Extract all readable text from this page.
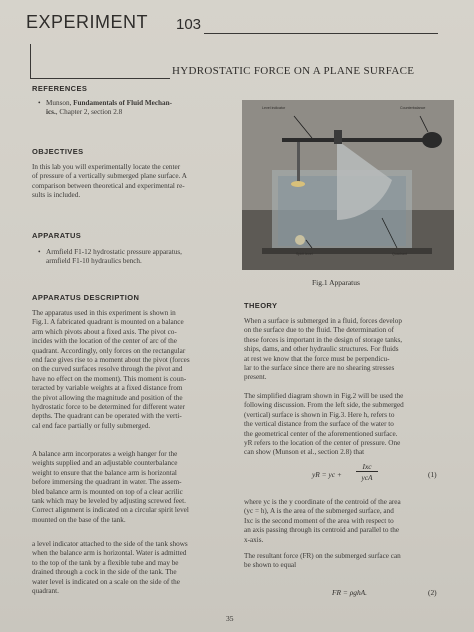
EXPERIMENT 103
HYDROSTATIC FORCE ON A PLANE SURFACE
REFERENCES
• Munson, Fundamentals of Fluid Mechan-
ics., Chapter 2, section 2.8
OBJECTIVES
In this lab you will experimentally locate the center
of pressure of a vertically submerged plane surface. A
comparison between theoretical and experimental re-
sults is included.
APPARATUS
• Armfield F1-12 hydrostatic pressure apparatus,
armfield F1-10 hydraulics bench.
Level indicator	Counterbalance
Spirit level	Quadrant
Fig.1 Apparatus
APPARATUS DESCRIPTION
The apparatus used in this experiment is shown in
Fig.1. A fabricated quadrant is mounted on a balance
arm which pivots about a fixed axis. The pivot co-
incides with the location of the center of arc of the
quadrant. Accordingly, only forces on the rectangular
end face gives rise to a moment about the pivot (forces
on the curved surfaces resolve through the pivot and
have no effect on the moment). This moment is coun-
teracted by variable weights at a fixed distance from
the pivot allowing the magnitude and position of the
hydrostatic force to be determined for different water
depths. The quadrant can be operated with the verti-
cal end face partially or fully submerged.
A balance arm incorporates a weigh hanger for the
weights supplied and an adjustable counterbalance
weight to ensure that the balance arm is horizontal
before immersing the quadrant in water. The assem-
bled balance arm is mounted on top of a clear acrilic
tank which may be leveled by adjusting screwed feet.
Correct alignment is indicated on a circular spirit level
mounted on the base of the tank.
a level indicator attached to the side of the tank shows
when the balance arm is horizontal. Water is admitted
to the top of the tank by a flexible tube and may be
drained through a cock in the side of the tank. The
water level is indicated on a scale on the side of the
quadrant.
THEORY
When a surface is submerged in a fluid, forces develop
on the surface due to the fluid. The determination of
these forces is important in the design of storage tanks,
ships, dams, and other hydraulic structures. For fluids
at rest we know that the force must be perpendicu-
lar to the surface since there are no shearing stresses
present.
The simplified diagram shown in Fig.2 will be used the
following discussion. From the left side, the submerged
(vertical) surface is shown in Fig.3. Here h, refers to
the vertical distance from the surface of the water to
the geometrical center of the aforementioned surface.
yR refers to the location of the center of pressure. One
can show (Munson et al., section 2.8) that
yR = yc +
Ixc
ycA	(1)
where yc is the y coordinate of the centroid of the area
(yc = h), A is the area of the submerged surface, and
Ixc is the second moment of the area with respect to
an axis passing through its centroid and parallel to the
x-axis.
The resultant force (FR) on the submerged surface can
be shown to equal
FR = ρghA.	(2)
35
